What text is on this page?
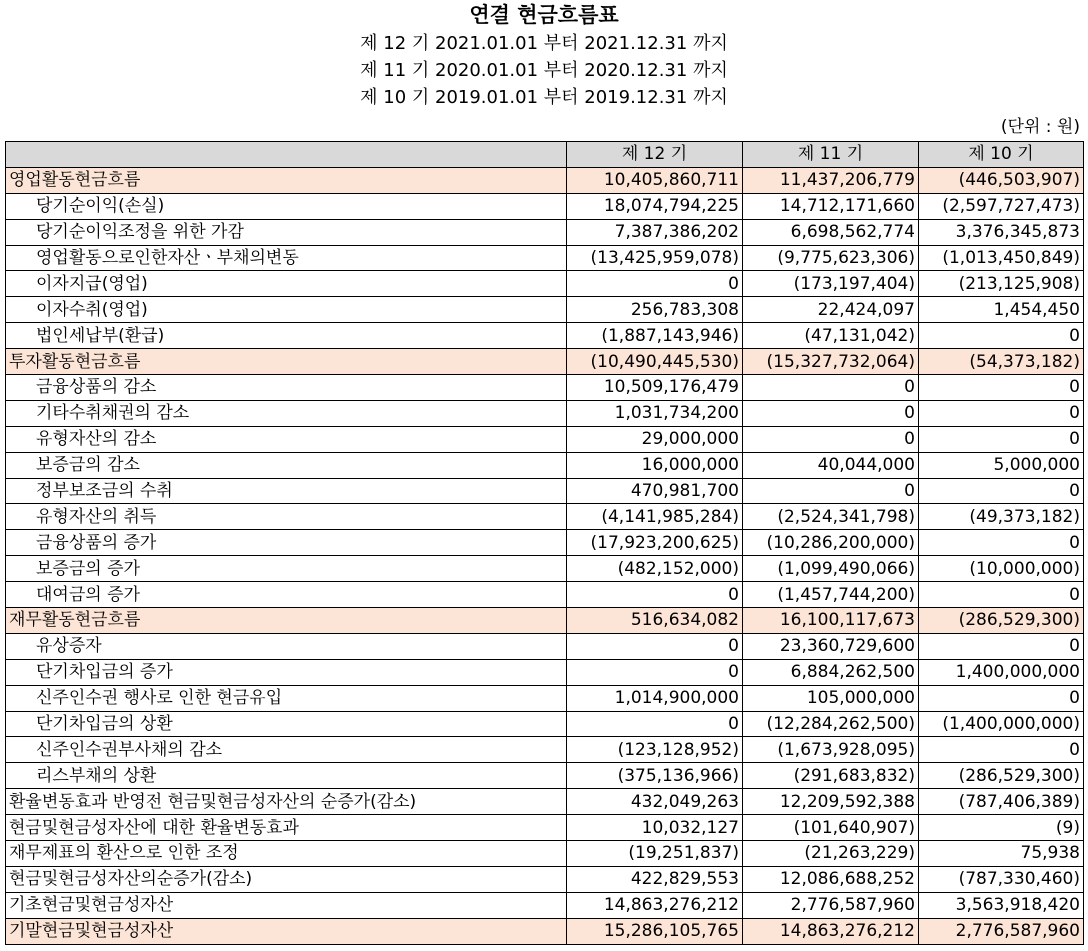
연결 현금흐름표
제 12 기 2021.01.01 부터 2021.12.31 까지
제 11 기 2020.01.01 부터 2020.12.31 까지
제 10 기 2019.01.01 부터 2019.12.31 까지
(단위 : 원)
	제 12 기	제 11 기	제 10 기
영업활동현금흐름	10,405,860,711	11,437,206,779	(446,503,907)
당기순이익(손실)	18,074,794,225	14,712,171,660	(2,597,727,473)
당기순이익조정을 위한 가감	7,387,386,202	6,698,562,774	3,376,345,873
영업활동으로인한자산ㆍ부채의변동	(13,425,959,078)	(9,775,623,306)	(1,013,450,849)
이자지급(영업)	0	(173,197,404)	(213,125,908)
이자수취(영업)	256,783,308	22,424,097	1,454,450
법인세납부(환급)	(1,887,143,946)	(47,131,042)	0
투자활동현금흐름	(10,490,445,530)	(15,327,732,064)	(54,373,182)
금융상품의 감소	10,509,176,479	0	0
기타수취채권의 감소	1,031,734,200	0	0
유형자산의 감소	29,000,000	0	0
보증금의 감소	16,000,000	40,044,000	5,000,000
정부보조금의 수취	470,981,700	0	0
유형자산의 취득	(4,141,985,284)	(2,524,341,798)	(49,373,182)
금융상품의 증가	(17,923,200,625)	(10,286,200,000)	0
보증금의 증가	(482,152,000)	(1,099,490,066)	(10,000,000)
대여금의 증가	0	(1,457,744,200)	0
재무활동현금흐름	516,634,082	16,100,117,673	(286,529,300)
유상증자	0	23,360,729,600	0
단기차입금의 증가	0	6,884,262,500	1,400,000,000
신주인수권 행사로 인한 현금유입	1,014,900,000	105,000,000	0
단기차입금의 상환	0	(12,284,262,500)	(1,400,000,000)
신주인수권부사채의 감소	(123,128,952)	(1,673,928,095)	0
리스부채의 상환	(375,136,966)	(291,683,832)	(286,529,300)
환율변동효과 반영전 현금및현금성자산의 순증가(감소)	432,049,263	12,209,592,388	(787,406,389)
현금및현금성자산에 대한 환율변동효과	10,032,127	(101,640,907)	(9)
재무제표의 환산으로 인한 조정	(19,251,837)	(21,263,229)	75,938
현금및현금성자산의순증가(감소)	422,829,553	12,086,688,252	(787,330,460)
기초현금및현금성자산	14,863,276,212	2,776,587,960	3,563,918,420
기말현금및현금성자산	15,286,105,765	14,863,276,212	2,776,587,960
